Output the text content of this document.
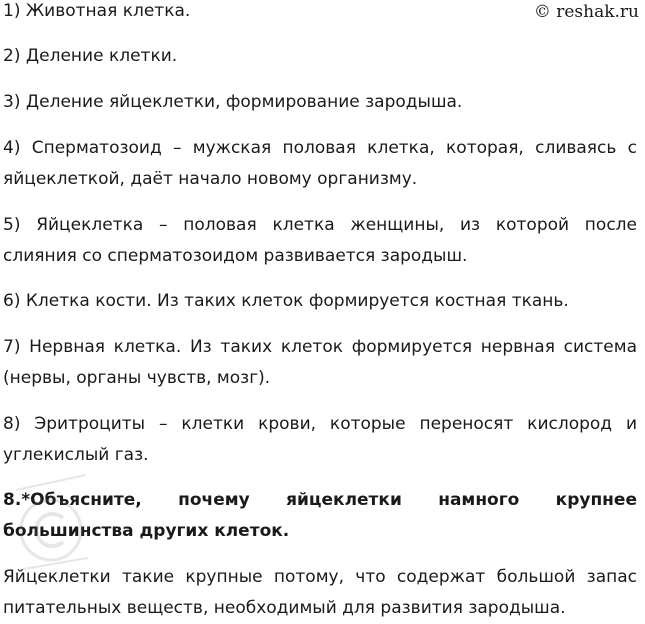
© reshak.ru
1) Животная клетка.
2) Деление клетки.
3) Деление яйцеклетки, формирование зародыша.
4) Сперматозоид – мужская половая клетка, которая, сливаясь с
яйцеклеткой, даёт начало новому организму.
5) Яйцеклетка – половая клетка женщины, из которой после
слияния со сперматозоидом развивается зародыш.
6) Клетка кости. Из таких клеток формируется костная ткань.
7) Нервная клетка. Из таких клеток формируется нервная система
(нервы, органы чувств, мозг).
8) Эритроциты – клетки крови, которые переносят кислород и
углекислый газ.
8.*Объясните, почему яйцеклетки намного крупнее
большинства других клеток.
Яйцеклетки такие крупные потому, что содержат большой запас
питательных веществ, необходимый для развития зародыша.
